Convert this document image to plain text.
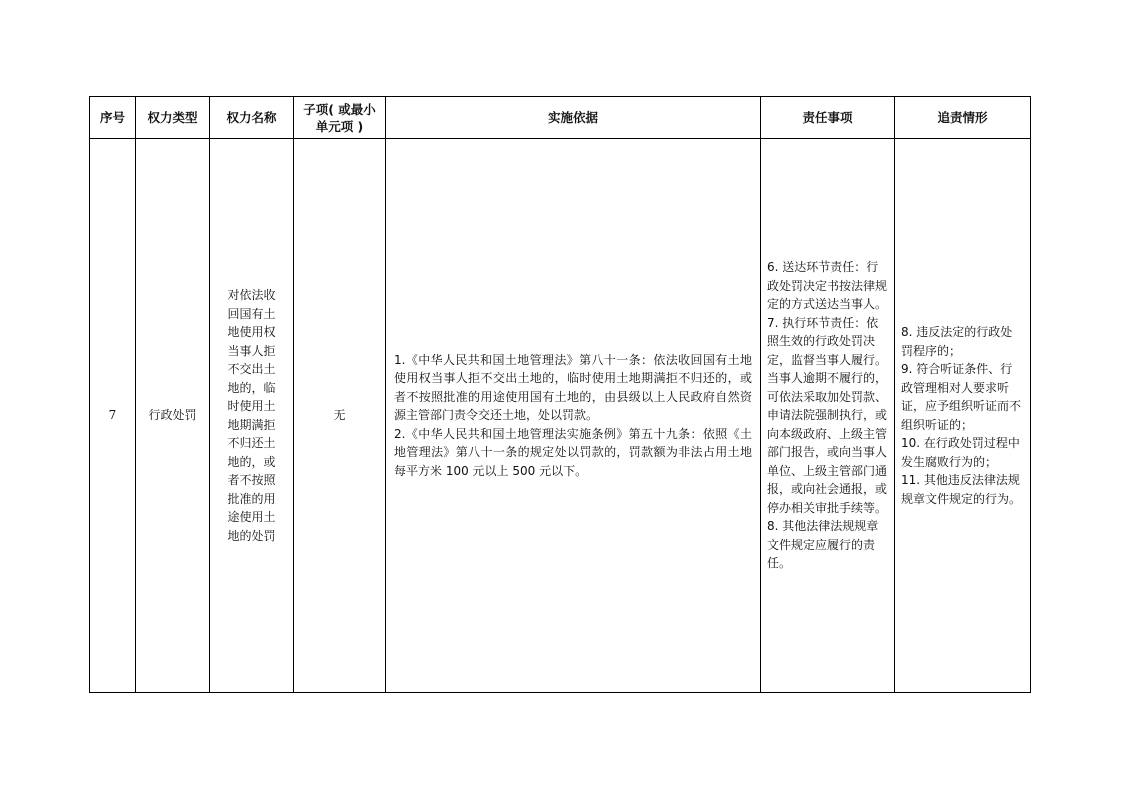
序号	权力类型	权力名称	子项( 或最小
单元项 )	实施依据	责任事项	追责情形
7	行政处罚	对依法收回国有土地使用权当事人拒不交出土地的，临时使用土地期满拒不归还土地的，或者不按照批准的用途使用土地的处罚	无	1.《中华人民共和国土地管理法》第八十一条：依法收回国有土地使用权当事人拒不交出土地的，临时使用土地期满拒不归还的，或者不按照批准的用途使用国有土地的，由县级以上人民政府自然资源主管部门责令交还土地，处以罚款。
2.《中华人民共和国土地管理法实施条例》第五十九条：依照《土地管理法》第八十一条的规定处以罚款的，罚款额为非法占用土地每平方米 100 元以上 500 元以下。	6. 送达环节责任：行政处罚决定书按法律规定的方式送达当事人。
7. 执行环节责任：依照生效的行政处罚决定，监督当事人履行。当事人逾期不履行的，可依法采取加处罚款、申请法院强制执行，或向本级政府、上级主管部门报告，或向当事人单位、上级主管部门通报，或向社会通报，或停办相关审批手续等。
8. 其他法律法规规章文件规定应履行的责任。	8. 违反法定的行政处罚程序的；
9. 符合听证条件、行政管理相对人要求听证，应予组织听证而不组织听证的；
10. 在行政处罚过程中发生腐败行为的；
11. 其他违反法律法规规章文件规定的行为。
